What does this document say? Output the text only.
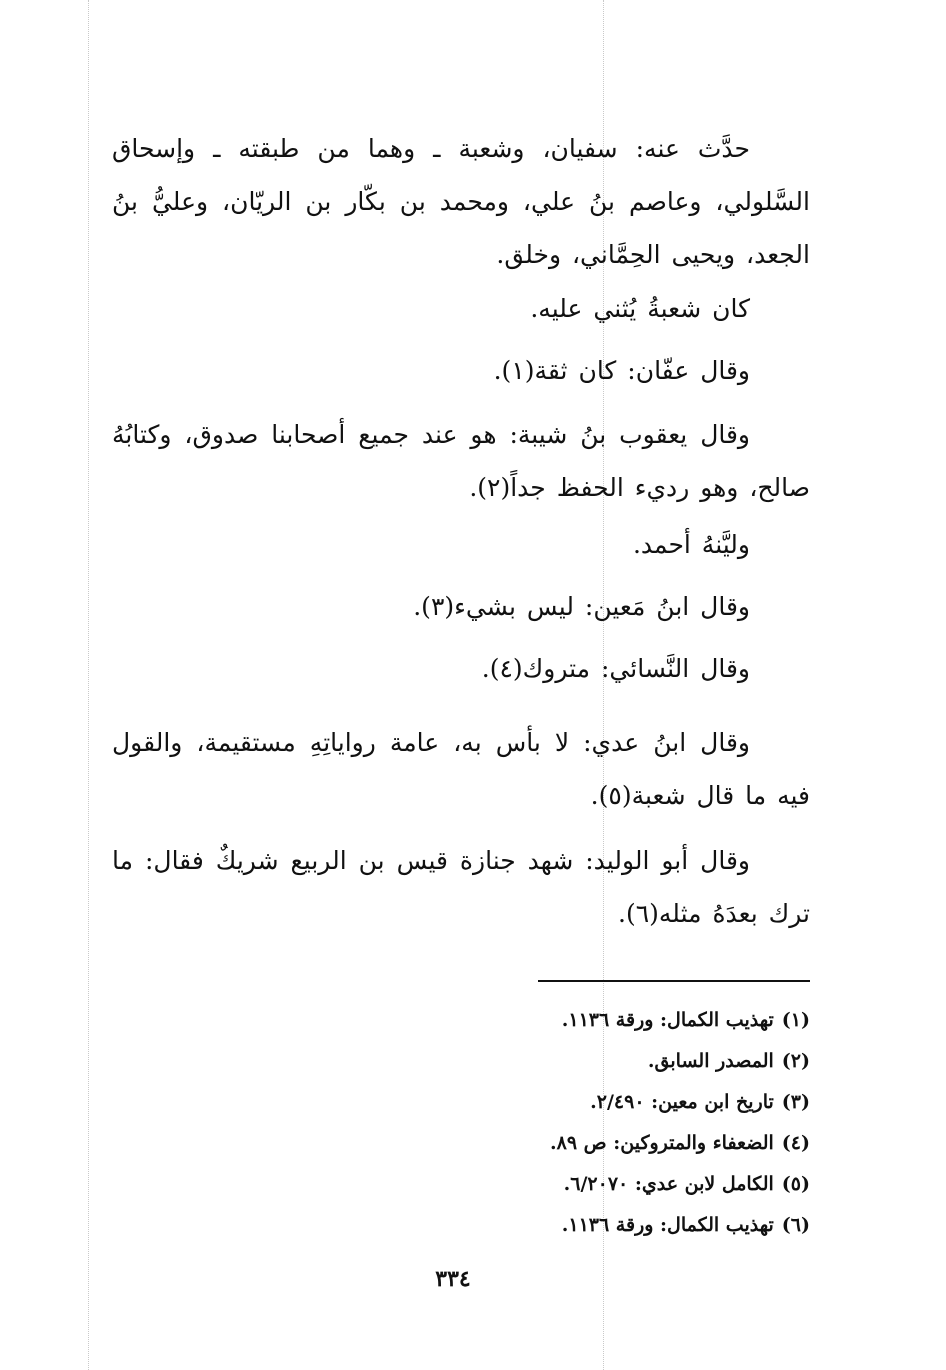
حدَّث عنه: سفيان، وشعبة ـ وهما من طبقته ـ وإسحاق السَّلولي، وعاصم بنُ علي، ومحمد بن بكّار بن الريّان، وعليُّ بنُ الجعد، ويحيى الحِمَّاني، وخلق.

كان شعبةُ يُثني عليه.

وقال عفّان: كان ثقة(١).

وقال يعقوب بنُ شيبة: هو عند جميع أصحابنا صدوق، وكتابُهُ صالح، وهو رديء الحفظ جداً(٢).

وليَّنهُ أحمد.

وقال ابنُ مَعين: ليس بشيء(٣).

وقال النَّسائي: متروك(٤).

وقال ابنُ عدي: لا بأس به، عامة رواياتِهِ مستقيمة، والقول فيه ما قال شعبة(٥).

وقال أبو الوليد: شهد جنازة قيس بن الربيع شريكٌ فقال: ما ترك بعدَهُ مثله(٦).

(١)تهذيب الكمال: ورقة ١١٣٦.
(٢)المصدر السابق.
(٣)تاريخ ابن معين: ٢/٤٩٠.
(٤)الضعفاء والمتروكين: ص ٨٩.
(٥)الكامل لابن عدي: ٦/٢٠٧٠.
(٦)تهذيب الكمال: ورقة ١١٣٦.
٣٣٤
